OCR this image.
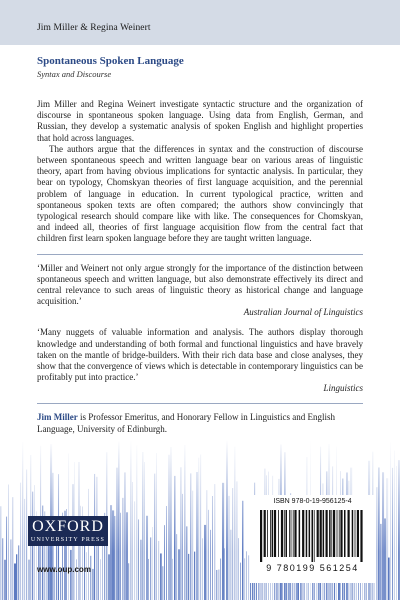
Jim Miller & Regina Weinert

Spontaneous Spoken Language

Syntax and Discourse

Jim Miller and Regina Weinert investigate syntactic structure and the organization of discourse in spontaneous spoken language. Using data from English, German, and Russian, they develop a systematic analysis of spoken English and highlight properties that hold across languages.

The authors argue that the differences in syntax and the construction of discourse between spontaneous speech and written language bear on various areas of linguistic theory, apart from having obvious implications for syntactic analysis. In particular, they bear on typology, Chomskyan theories of first language acquisition, and the perennial problem of language in education. In current typological practice, written and spontaneous spoken texts are often compared; the authors show convincingly that typological research should compare like with like. The consequences for Chomskyan, and indeed all, theories of first language acquisition flow from the central fact that children first learn spoken language before they are taught written language.

‘Miller and Weinert not only argue strongly for the importance of the distinction between spontaneous speech and written language, but also demonstrate effectively its direct and central relevance to such areas of linguistic theory as historical change and language acquisition.’

Australian Journal of Linguistics

‘Many nuggets of valuable information and analysis. The authors display thorough knowledge and understanding of both formal and functional linguistics and have bravely taken on the mantle of bridge-builders. With their rich data base and close analyses, they show that the convergence of views which is detectable in contemporary linguistics can be profitably put into practice.’

Linguistics

Jim Miller is Professor Emeritus, and Honorary Fellow in Linguistics and English Language, University of Edinburgh.

OXFORD
UNIVERSITY PRESS
www.oup.com
ISBN 978-0-19-956125-4
9 780199 561254
